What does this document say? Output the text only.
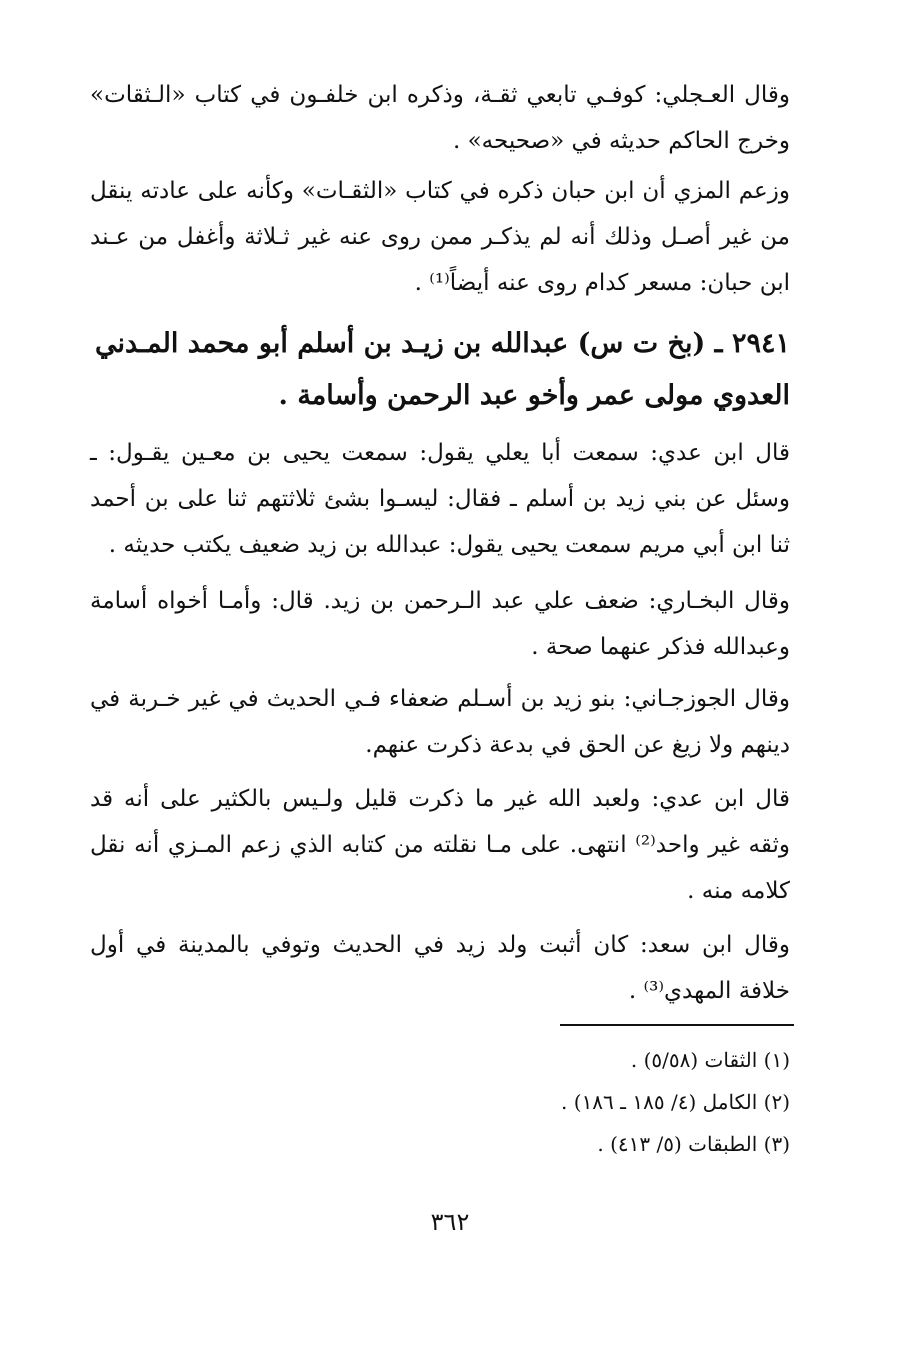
وقال العـجلي: كوفـي تابعي ثقـة، وذكره ابن خلفـون في كتاب «الـثقات» وخرج الحاكم حديثه في «صحيحه» .

وزعم المزي أن ابن حبان ذكره في كتاب «الثقـات» وكأنه على عادته ينقل من غير أصـل وذلك أنه لم يذكـر ممن روى عنه غير ثـلاثة وأغفل من عـند ابن حبان: مسعر كدام روى عنه أيضاً⁽¹⁾ .

٢٩٤١ ـ (بخ ت س) عبدالله بن زيـد بن أسلم أبو محمد المـدني العدوي مولى عمر وأخو عبد الرحمن وأسامة .

قال ابن عدي: سمعت أبا يعلي يقول: سمعت يحيى بن معـين يقـول: ـ وسئل عن بني زيد بن أسلم ـ فقال: ليسـوا بشئ ثلاثتهم ثنا على بن أحمد ثنا ابن أبي مريم سمعت يحيى يقول: عبدالله بن زيد ضعيف يكتب حديثه .

وقال البخـاري: ضعف علي عبد الـرحمن بن زيد. قال: وأمـا أخواه أسامة وعبدالله فذكر عنهما صحة .

وقال الجوزجـاني: بنو زيد بن أسـلم ضعفاء فـي الحديث في غير خـربة في دينهم ولا زيغ عن الحق في بدعة ذكرت عنهم.

قال ابن عدي: ولعبد الله غير ما ذكرت قليل ولـيس بالكثير على أنه قد وثقه غير واحد⁽²⁾ انتهى. على مـا نقلته من كتابه الذي زعم المـزي أنه نقل كلامه منه .

وقال ابن سعد: كان أثبت ولد زيد في الحديث وتوفي بالمدينة في أول خلافة المهدي⁽³⁾ .

(١) الثقات (٥/٥٨) .
(٢) الكامل (٤/ ١٨٥ ـ ١٨٦) .
(٣) الطبقات (٥/ ٤١٣) .
٣٦٢
